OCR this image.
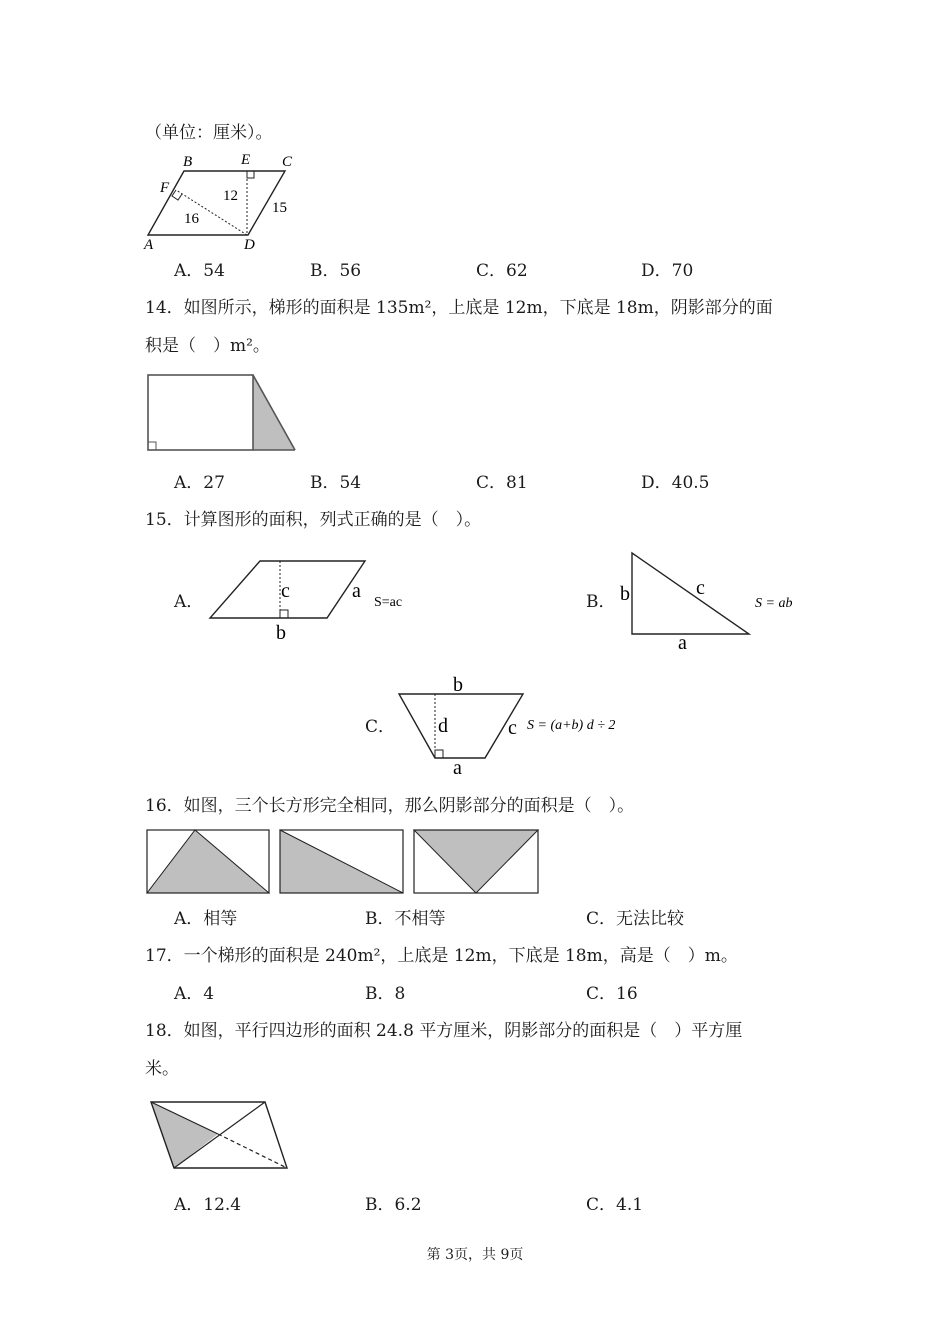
（单位：厘米）。
B	E C
F
A	D
12
15
16
A．54	B．56	C．62	D．70
14．如图所示，梯形的面积是 135m²，上底是 12m，下底是 18m，阴影部分的面
积是（　）m²。
A．27	B．54	C．81	D．40.5
15．计算图形的面积，列式正确的是（　）。
A．	c	a
b
S=ac	B． b	c
a
S = ab
C．
b
d	c
a
S = (a+b) d ÷ 2
16．如图，三个长方形完全相同，那么阴影部分的面积是（　）。
A．相等	B．不相等	C．无法比较
17．一个梯形的面积是 240m²，上底是 12m，下底是 18m，高是（　）m。
A．4	B．8	C．16
18．如图，平行四边形的面积 24.8 平方厘米，阴影部分的面积是（　）平方厘
米。
A．12.4	B．6.2	C．4.1
第 3页，共 9页
